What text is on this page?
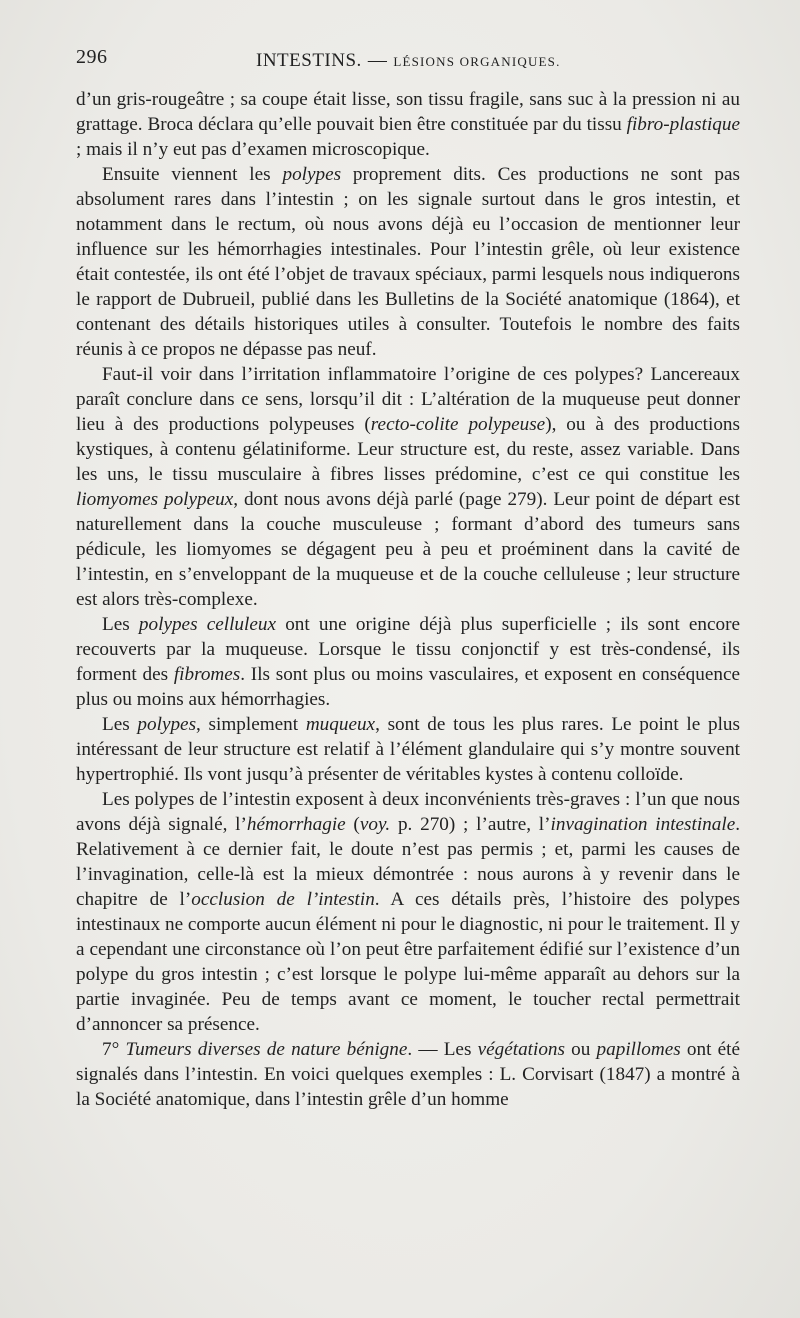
296	INTESTINS. — LÉSIONS ORGANIQUES.

d’un gris-rougeâtre ; sa coupe était lisse, son tissu fragile, sans suc à la pression ni au grattage. Broca déclara qu’elle pouvait bien être constituée par du tissu fibro-plastique ; mais il n’y eut pas d’examen microscopique.

Ensuite viennent les polypes proprement dits. Ces productions ne sont pas absolument rares dans l’intestin ; on les signale surtout dans le gros intestin, et notamment dans le rectum, où nous avons déjà eu l’occasion de mentionner leur influence sur les hémorrhagies intestinales. Pour l’intestin grêle, où leur existence était contestée, ils ont été l’objet de travaux spéciaux, parmi lesquels nous indiquerons le rapport de Dubrueil, publié dans les Bulletins de la Société anatomique (1864), et contenant des détails historiques utiles à consulter. Toutefois le nombre des faits réunis à ce propos ne dépasse pas neuf.

Faut-il voir dans l’irritation inflammatoire l’origine de ces polypes? Lancereaux paraît conclure dans ce sens, lorsqu’il dit : L’altération de la muqueuse peut donner lieu à des productions polypeuses (recto-colite polypeuse), ou à des productions kystiques, à contenu gélatiniforme. Leur structure est, du reste, assez variable. Dans les uns, le tissu musculaire à fibres lisses prédomine, c’est ce qui constitue les liomyomes polypeux, dont nous avons déjà parlé (page 279). Leur point de départ est naturellement dans la couche musculeuse ; formant d’abord des tumeurs sans pédicule, les liomyomes se dégagent peu à peu et proéminent dans la cavité de l’intestin, en s’enveloppant de la muqueuse et de la couche celluleuse ; leur structure est alors très-complexe.

Les polypes celluleux ont une origine déjà plus superficielle ; ils sont encore recouverts par la muqueuse. Lorsque le tissu conjonctif y est très-condensé, ils forment des fibromes. Ils sont plus ou moins vasculaires, et exposent en conséquence plus ou moins aux hémorrhagies.

Les polypes, simplement muqueux, sont de tous les plus rares. Le point le plus intéressant de leur structure est relatif à l’élément glandulaire qui s’y montre souvent hypertrophié. Ils vont jusqu’à présenter de véritables kystes à contenu colloïde.

Les polypes de l’intestin exposent à deux inconvénients très-graves : l’un que nous avons déjà signalé, l’hémorrhagie (voy. p. 270) ; l’autre, l’invagination intestinale. Relativement à ce dernier fait, le doute n’est pas permis ; et, parmi les causes de l’invagination, celle-là est la mieux démontrée : nous aurons à y revenir dans le chapitre de l’occlusion de l’intestin. A ces détails près, l’histoire des polypes intestinaux ne comporte aucun élément ni pour le diagnostic, ni pour le traitement. Il y a cependant une circonstance où l’on peut être parfaitement édifié sur l’existence d’un polype du gros intestin ; c’est lorsque le polype lui-même apparaît au dehors sur la partie invaginée. Peu de temps avant ce moment, le toucher rectal permettrait d’annoncer sa présence.

7° Tumeurs diverses de nature bénigne. — Les végétations ou papillomes ont été signalés dans l’intestin. En voici quelques exemples : L. Corvisart (1847) a montré à la Société anatomique, dans l’intestin grêle d’un homme
